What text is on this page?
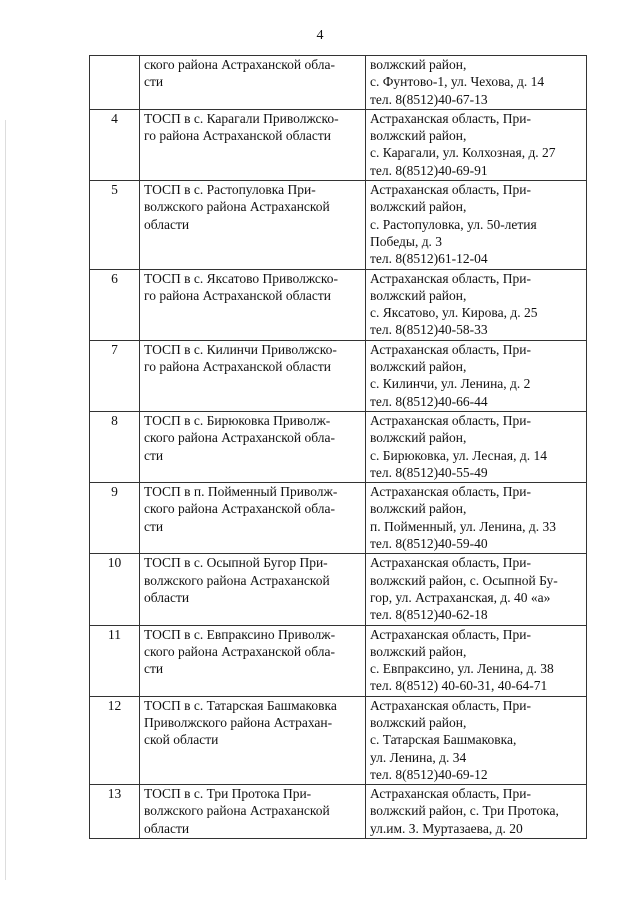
4

	ского района Астраханской обла-
сти	волжский район,
с. Фунтово-1, ул. Чехова, д. 14
тел. 8(8512)40-67-13

4	ТОСП в с. Карагали Приволжско-
го района Астраханской области	Астраханская область, При-
волжский район,
с. Карагали, ул. Колхозная, д. 27
тел. 8(8512)40-69-91

5	ТОСП в с. Растопуловка При-
волжского района Астраханской
области	Астраханская область, При-
волжский район,
с. Растопуловка, ул. 50-летия
Победы, д. 3
тел. 8(8512)61-12-04

6	ТОСП в с. Яксатово Приволжско-
го района Астраханской области	Астраханская область, При-
волжский район,
с. Яксатово, ул. Кирова, д. 25
тел. 8(8512)40-58-33

7	ТОСП в с. Килинчи Приволжско-
го района Астраханской области	Астраханская область, При-
волжский район,
с. Килинчи, ул. Ленина, д. 2
тел. 8(8512)40-66-44

8	ТОСП в с. Бирюковка Приволж-
ского района Астраханской обла-
сти	Астраханская область, При-
волжский район,
с. Бирюковка, ул. Лесная, д. 14
тел. 8(8512)40-55-49

9	ТОСП в п. Пойменный Приволж-
ского района Астраханской обла-
сти	Астраханская область, При-
волжский район,
п. Пойменный, ул. Ленина, д. 33
тел. 8(8512)40-59-40

10	ТОСП в с. Осыпной Бугор При-
волжского района Астраханской
области	Астраханская область, При-
волжский район, с. Осыпной Бу-
гор, ул. Астраханская, д. 40 «а»
тел. 8(8512)40-62-18

11	ТОСП в с. Евпраксино Приволж-
ского района Астраханской обла-
сти	Астраханская область, При-
волжский район,
с. Евпраксино, ул. Ленина, д. 38
тел. 8(8512) 40-60-31, 40-64-71

12	ТОСП в с. Татарская Башмаковка
Приволжского района Астрахан-
ской области	Астраханская область, При-
волжский район,
с. Татарская Башмаковка,
ул. Ленина, д. 34
тел. 8(8512)40-69-12

13	ТОСП в с. Три Протока При-
волжского района Астраханской
области	Астраханская область, При-
волжский район, с. Три Протока,
ул.им. З. Муртазаева, д. 20
